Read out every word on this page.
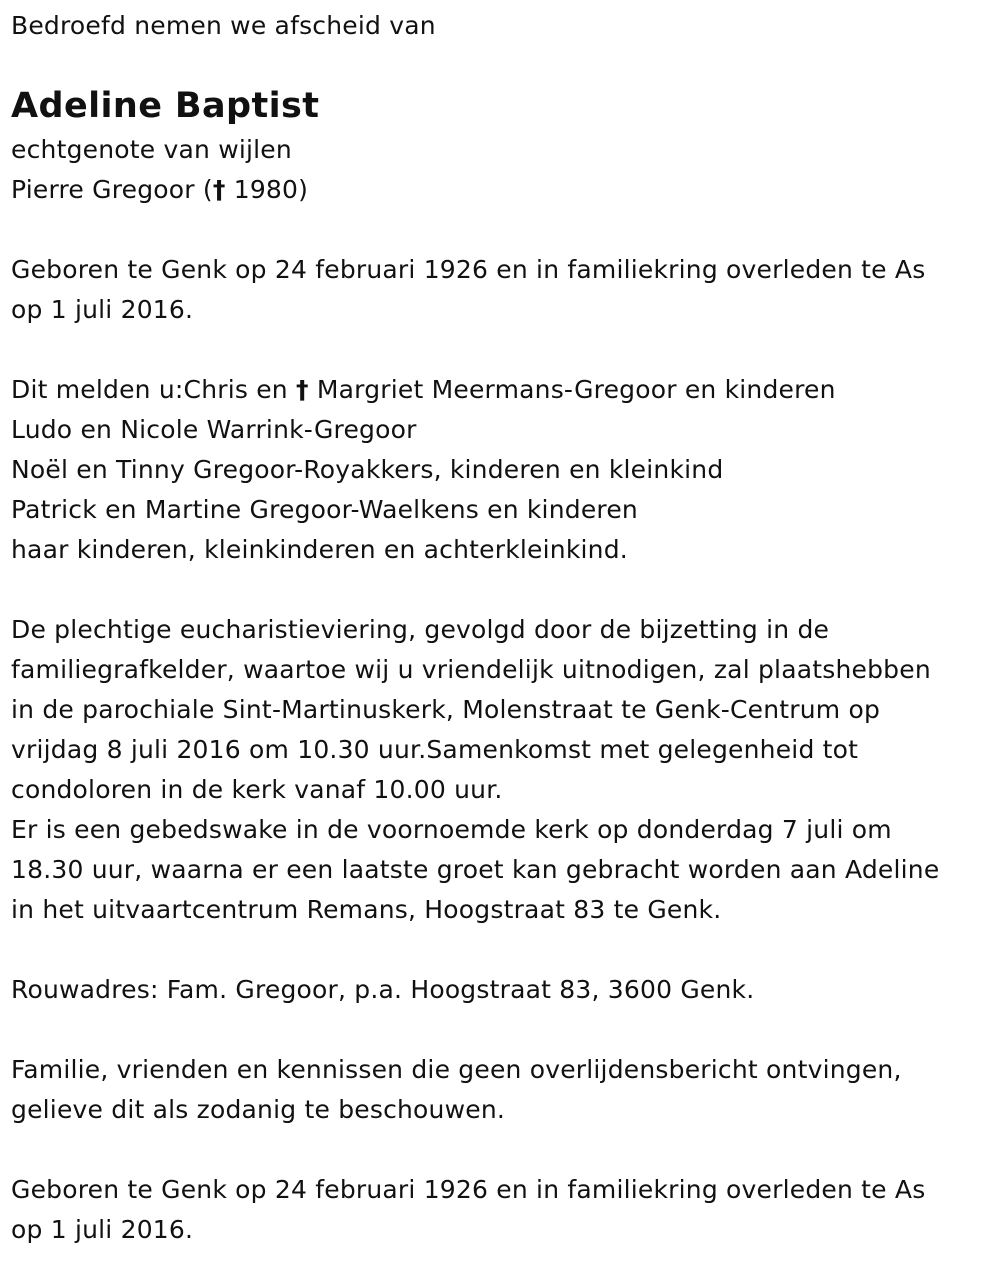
Bedroefd nemen we afscheid van
Adeline Baptist
echtgenote van wijlen
Pierre Gregoor († 1980)
Geboren te Genk op 24 februari 1926 en in familiekring overleden te As
op 1 juli 2016.
Dit melden u:Chris en † Margriet Meermans-Gregoor en kinderen
Ludo en Nicole Warrink-Gregoor
Noël en Tinny Gregoor-Royakkers, kinderen en kleinkind
Patrick en Martine Gregoor-Waelkens en kinderen
haar kinderen, kleinkinderen en achterkleinkind.
De plechtige eucharistieviering, gevolgd door de bijzetting in de
familiegrafkelder, waartoe wij u vriendelijk uitnodigen, zal plaatshebben
in de parochiale Sint-Martinuskerk, Molenstraat te Genk-Centrum op
vrijdag 8 juli 2016 om 10.30 uur.Samenkomst met gelegenheid tot
condoloren in de kerk vanaf 10.00 uur.
Er is een gebedswake in de voornoemde kerk op donderdag 7 juli om
18.30 uur, waarna er een laatste groet kan gebracht worden aan Adeline
in het uitvaartcentrum Remans, Hoogstraat 83 te Genk.
Rouwadres: Fam. Gregoor, p.a. Hoogstraat 83, 3600 Genk.
Familie, vrienden en kennissen die geen overlijdensbericht ontvingen,
gelieve dit als zodanig te beschouwen.
Geboren te Genk op 24 februari 1926 en in familiekring overleden te As
op 1 juli 2016.
